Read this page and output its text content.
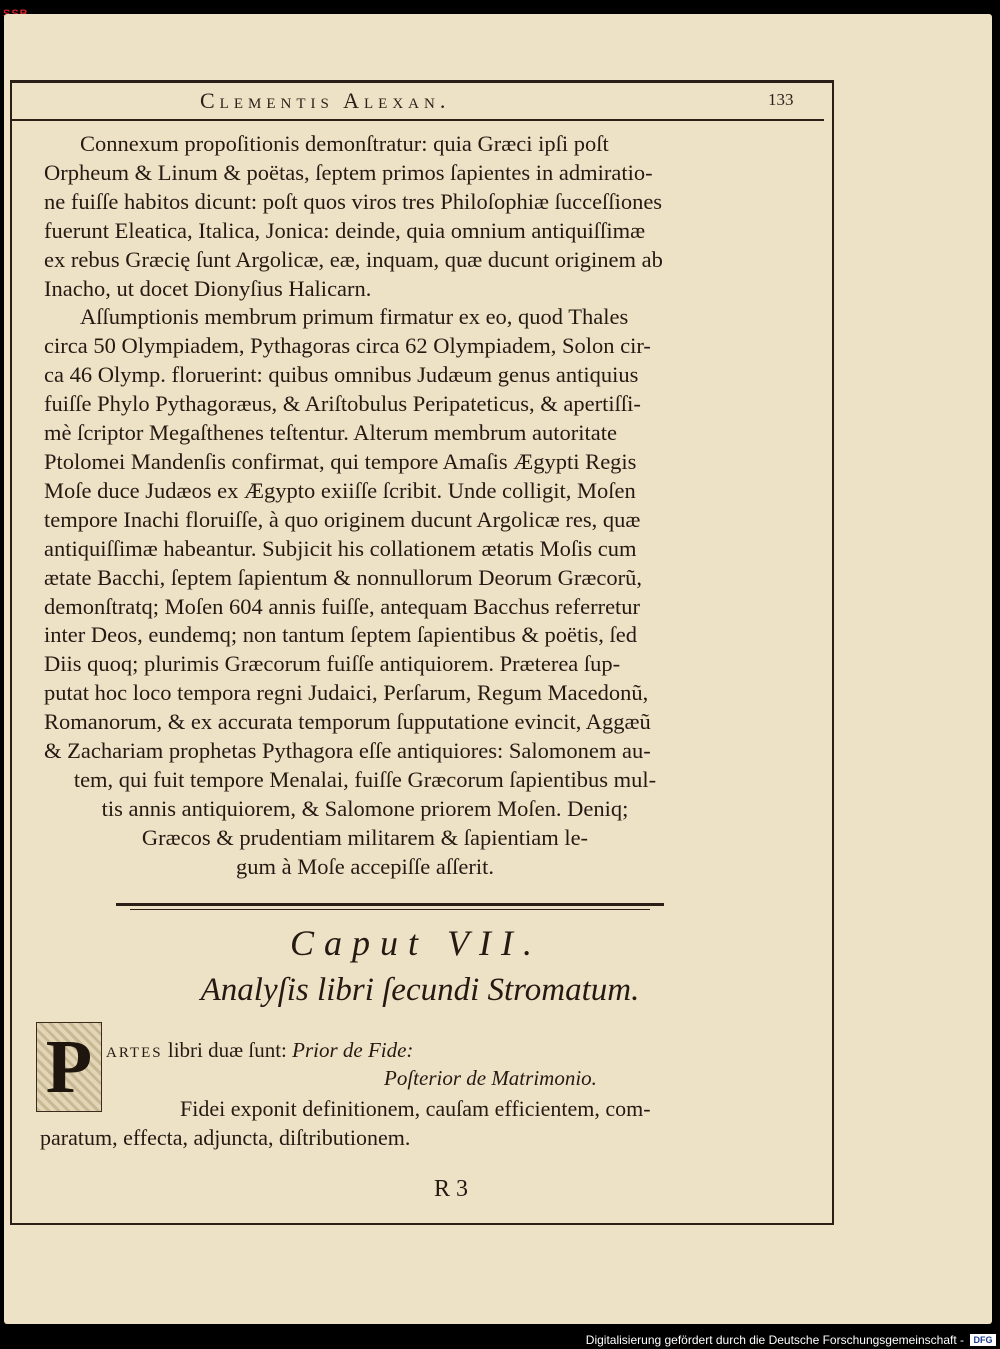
Clementis Alexan.	133
Connexum propoſitionis demonſtratur: quia Græci ipſi poſt
Orpheum & Linum & poëtas, ſeptem primos ſapientes in admiratio-
ne fuiſſe habitos dicunt: poſt quos viros tres Philoſophiæ ſucceſſiones
fuerunt Eleatica, Italica, Jonica: deinde, quia omnium antiquiſſimæ
ex rebus Græcię ſunt Argolicæ, eæ, inquam, quæ ducunt originem ab
Inacho, ut docet Dionyſius Halicarn.
Aſſumptionis membrum primum firmatur ex eo, quod Thales
circa 50 Olympiadem, Pythagoras circa 62 Olympiadem, Solon cir-
ca 46 Olymp. floruerint: quibus omnibus Judæum genus antiquius
fuiſſe Phylo Pythagoræus, & Ariſtobulus Peripateticus, & apertiſſi-
mè ſcriptor Megaſthenes teſtentur. Alterum membrum autoritate
Ptolomei Mandenſis confirmat, qui tempore Amaſis Ægypti Regis
Moſe duce Judæos ex Ægypto exiiſſe ſcribit. Unde colligit, Moſen
tempore Inachi floruiſſe, à quo originem ducunt Argolicæ res, quæ
antiquiſſimæ habeantur. Subjicit his collationem ætatis Moſis cum
ætate Bacchi, ſeptem ſapientum & nonnullorum Deorum Græcorũ,
demonſtratq; Moſen 604 annis fuiſſe, antequam Bacchus referretur
inter Deos, eundemq; non tantum ſeptem ſapientibus & poëtis, ſed
Diis quoq; plurimis Græcorum fuiſſe antiquiorem. Præterea ſup-
putat hoc loco tempora regni Judaici, Perſarum, Regum Macedonũ,
Romanorum, & ex accurata temporum ſupputatione evincit, Aggæũ
& Zachariam prophetas Pythagora eſſe antiquiores: Salomonem au-
tem, qui fuit tempore Menalai, fuiſſe Græcorum ſapientibus mul-
tis annis antiquiorem, & Salomone priorem Moſen. Deniq;
Græcos & prudentiam militarem & ſapientiam le-
gum à Moſe accepiſſe aſſerit.
Caput VII.
Analyſis libri ſecundi Stromatum.
P artes libri duæ ſunt: Prior de Fide:
Poſterior de Matrimonio.
Fidei exponit definitionem, cauſam efficientem, com-
paratum, effecta, adjuncta, diſtributionem.
R 3
Digitalisierung gefördert durch die Deutsche Forschungsgemeinschaft -	DFG
